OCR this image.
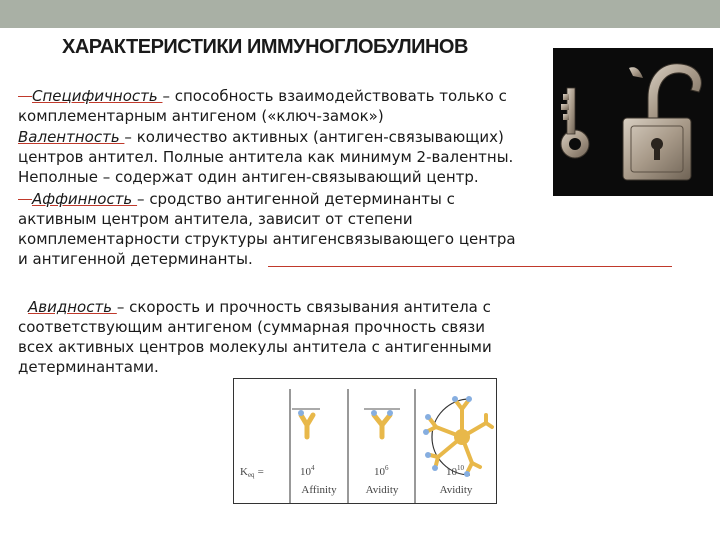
ХАРАКТЕРИСТИКИ ИММУНОГЛОБУЛИНОВ
Специфичность – способность взаимодействовать только с
комплементарным антигеном («ключ-замок»)
Валентность – количество активных (антиген-связывающих)
центров антител. Полные антитела как минимум 2-валентны.
Неполные – содержат один антиген-связывающий центр.
Аффинность – сродство антигенной детерминанты с
активным центром антитела, зависит от степени
комплементарности структуры антигенсвязывающего центра
и антигенной детерминанты.
Авидность – скорость и прочность связывания антитела с
соответствующим антигеном (суммарная прочность связи
всех активных центров молекулы антитела с антигенными
детерминантами.
Keq =	$10^4$	$10^6$	$10^{10}$
Affinity	Avidity	Avidity
